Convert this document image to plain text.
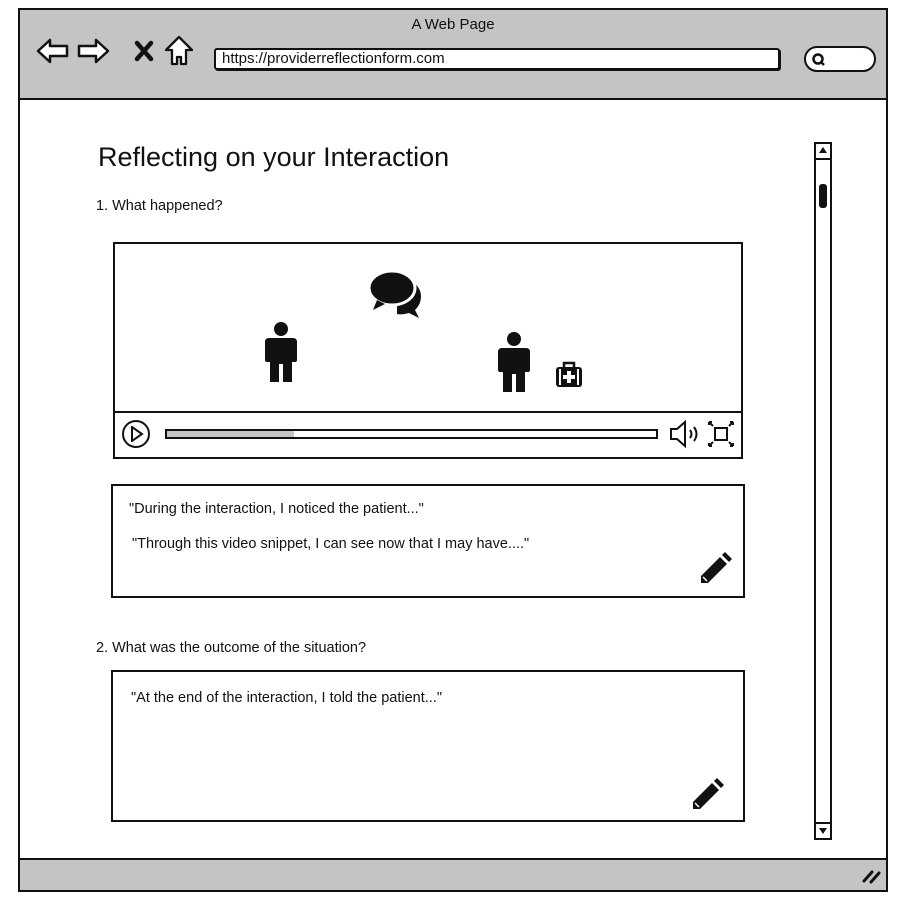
A Web Page
https://providerreflectionform.com
Reflecting on your Interaction
1. What happened?
"During the interaction, I noticed the patient..."
"Through this video snippet, I can see now that I may have...."
2. What was the outcome of the situation?
"At the end of the interaction, I told the patient..."
